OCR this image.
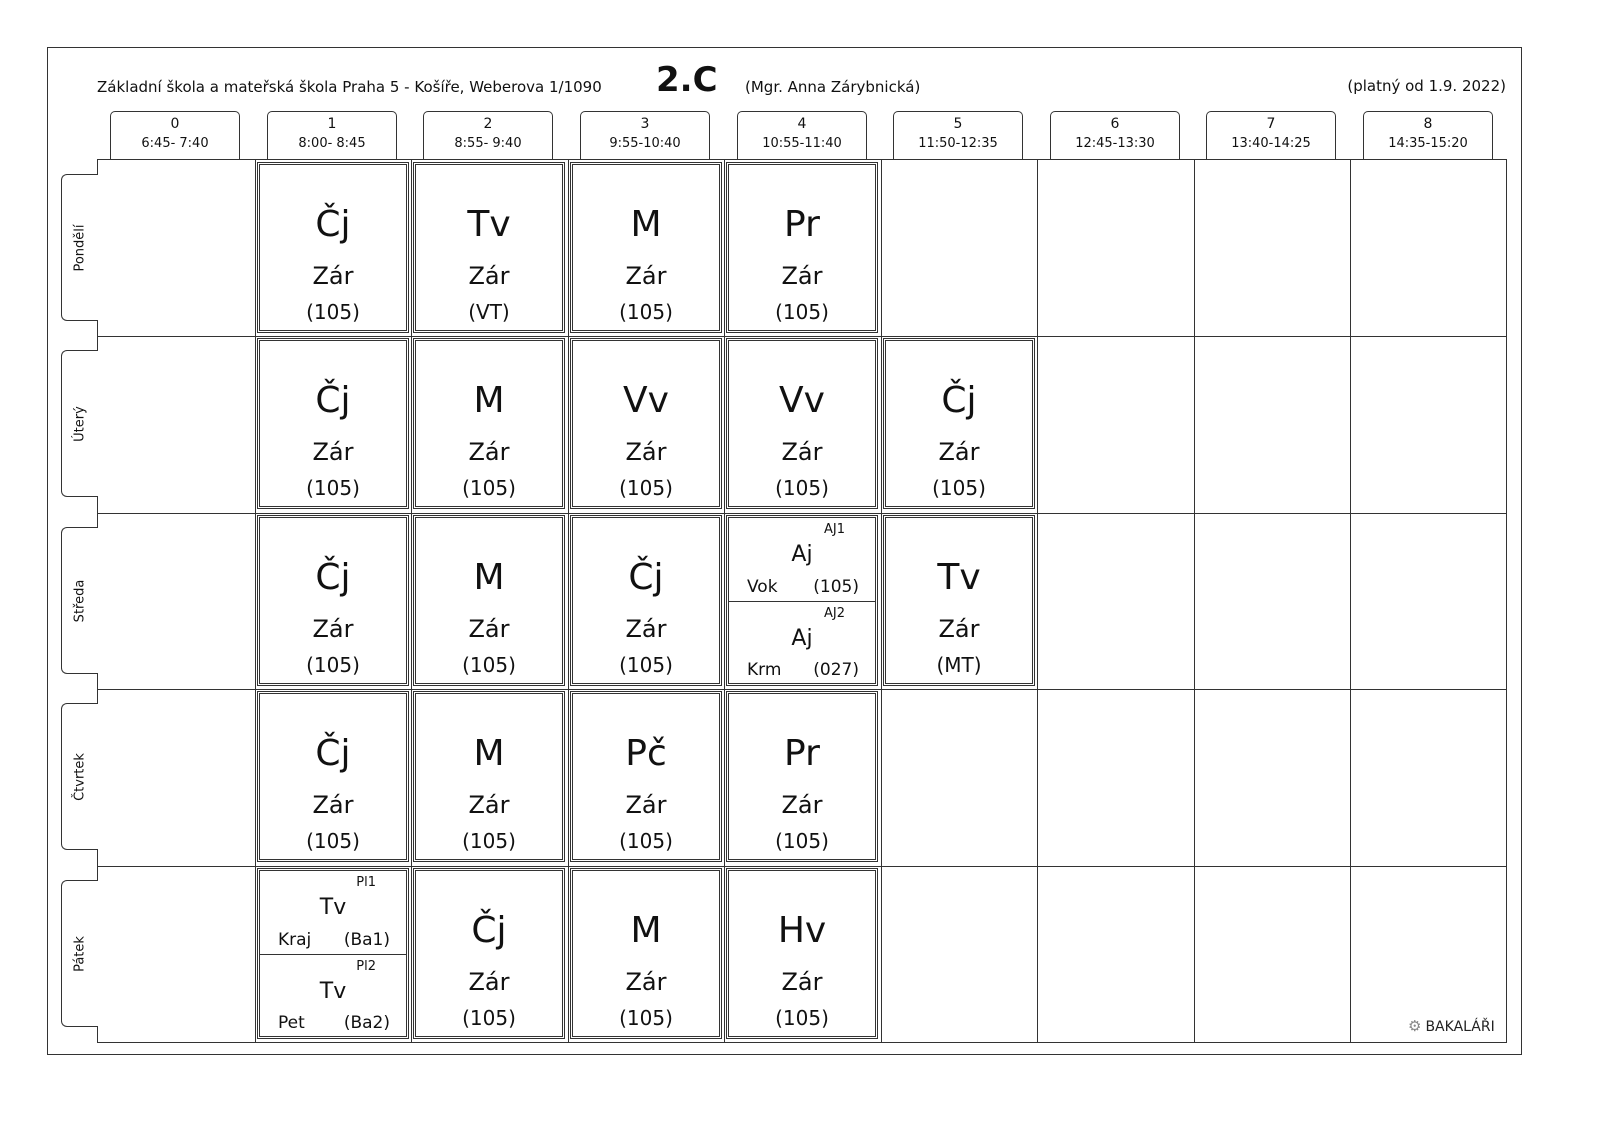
Základní škola a mateřská škola Praha 5 - Košíře, Weberova 1/1090 2.C (Mgr. Anna Zárybnická)	(platný od 1.9. 2022)
0
6:45- 7:40
1
8:00- 8:45
2
8:55- 9:40
3
9:55-10:40
4
10:55-11:40
5
11:50-12:35
6
12:45-13:30
7
13:40-14:25
8
14:35-15:20
Pondělí
Úterý
Středa
Čtvrtek
Pátek
Čj
Zár
(105)
Tv
Zár
(VT)
M
Zár
(105)
Pr
Zár
(105)
Čj
Zár
(105)
M
Zár
(105)
Vv
Zár
(105)
Vv
Zár
(105)
Čj
Zár
(105)
Čj
Zár
(105)
M
Zár
(105)
Čj
Zár
(105)
AJ1
Aj
Vok (105)
AJ2
Aj
Krm (027)
Tv
Zár
(MT)
Čj
Zár
(105)
M
Zár
(105)
Pč
Zár
(105)
Pr
Zár
(105)
Pl1
Tv
Kraj (Ba1)
Pl2
Tv
Pet (Ba2)
Čj
Zár
(105)
M
Zár
(105)
Hv
Zár
(105)	⚙ BAKALÁŘI
